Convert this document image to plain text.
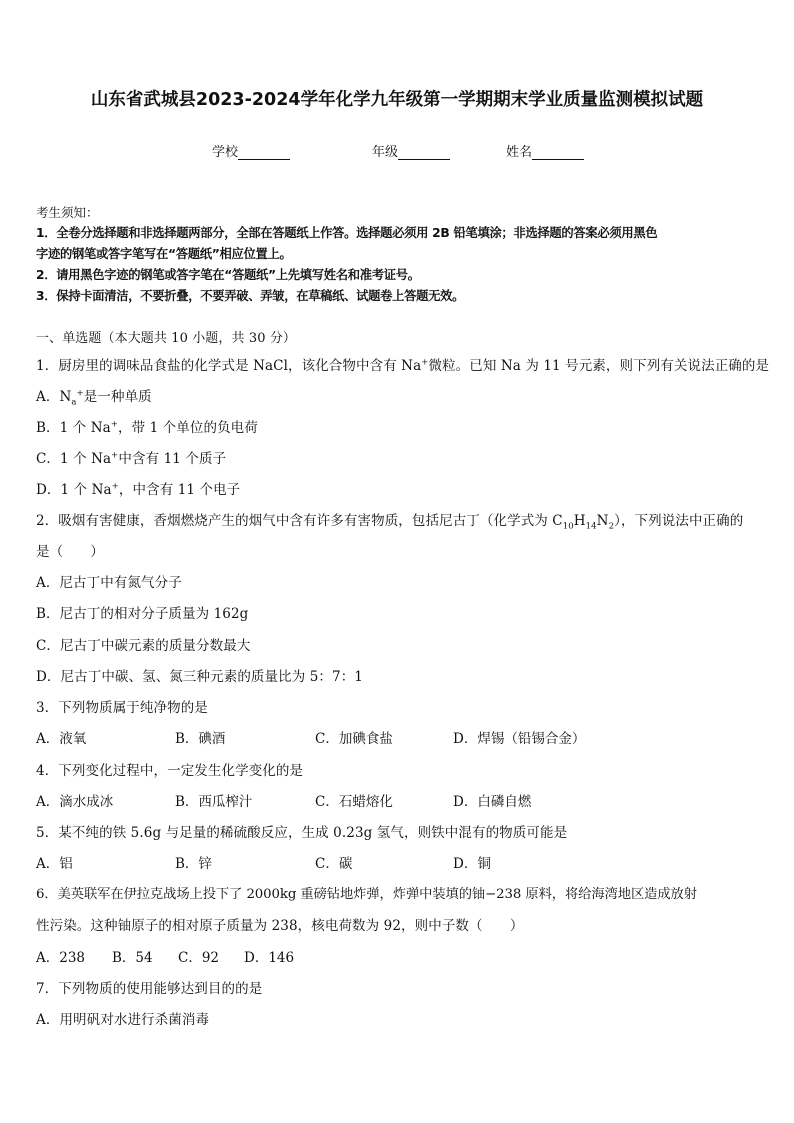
山东省武城县2023-2024学年化学九年级第一学期期末学业质量监测模拟试题
学校	年级	姓名
考生须知：
1．全卷分选择题和非选择题两部分，全部在答题纸上作答。选择题必须用 2B 铅笔填涂；非选择题的答案必须用黑色
字迹的钢笔或答字笔写在“答题纸”相应位置上。
2．请用黑色字迹的钢笔或答字笔在“答题纸”上先填写姓名和准考证号。
3．保持卡面清洁，不要折叠，不要弄破、弄皱，在草稿纸、试题卷上答题无效。
一、单选题（本大题共 10 小题，共 30 分）
1．厨房里的调味品食盐的化学式是 NaCl，该化合物中含有 Na+微粒。已知 Na 为 11 号元素，则下列有关说法正确的是
A．$N_a^+$是一种单质
B．1 个 Na+，带 1 个单位的负电荷
C．1 个 Na+中含有 11 个质子
D．1 个 Na+，中含有 11 个电子
2．吸烟有害健康，香烟燃烧产生的烟气中含有许多有害物质，包括尼古丁（化学式为 $C_{10}H_{14}N_2$），下列说法中正确的
是（　　）
A．尼古丁中有氮气分子
B．尼古丁的相对分子质量为 162g
C．尼古丁中碳元素的质量分数最大
D．尼古丁中碳、氢、氮三种元素的质量比为 5：7：1
3．下列物质属于纯净物的是
A．液氧	B．碘酒	C．加碘食盐	D．焊锡（铅锡合金）
4．下列变化过程中，一定发生化学变化的是
A．滴水成冰	B．西瓜榨汁	C．石蜡熔化	D．白磷自燃
5．某不纯的铁 5.6g 与足量的稀硫酸反应，生成 0.23g 氢气，则铁中混有的物质可能是
A．铝	B．锌	C．碳	D．铜
6．美英联军在伊拉克战场上投下了 2000kg 重磅钻地炸弹，炸弹中装填的铀−238 原料，将给海湾地区造成放射
性污染。这种铀原子的相对原子质量为 238，核电荷数为 92，则中子数（　　）
A．238 B．54 C．92 D．146
7．下列物质的使用能够达到目的的是
A．用明矾对水进行杀菌消毒
